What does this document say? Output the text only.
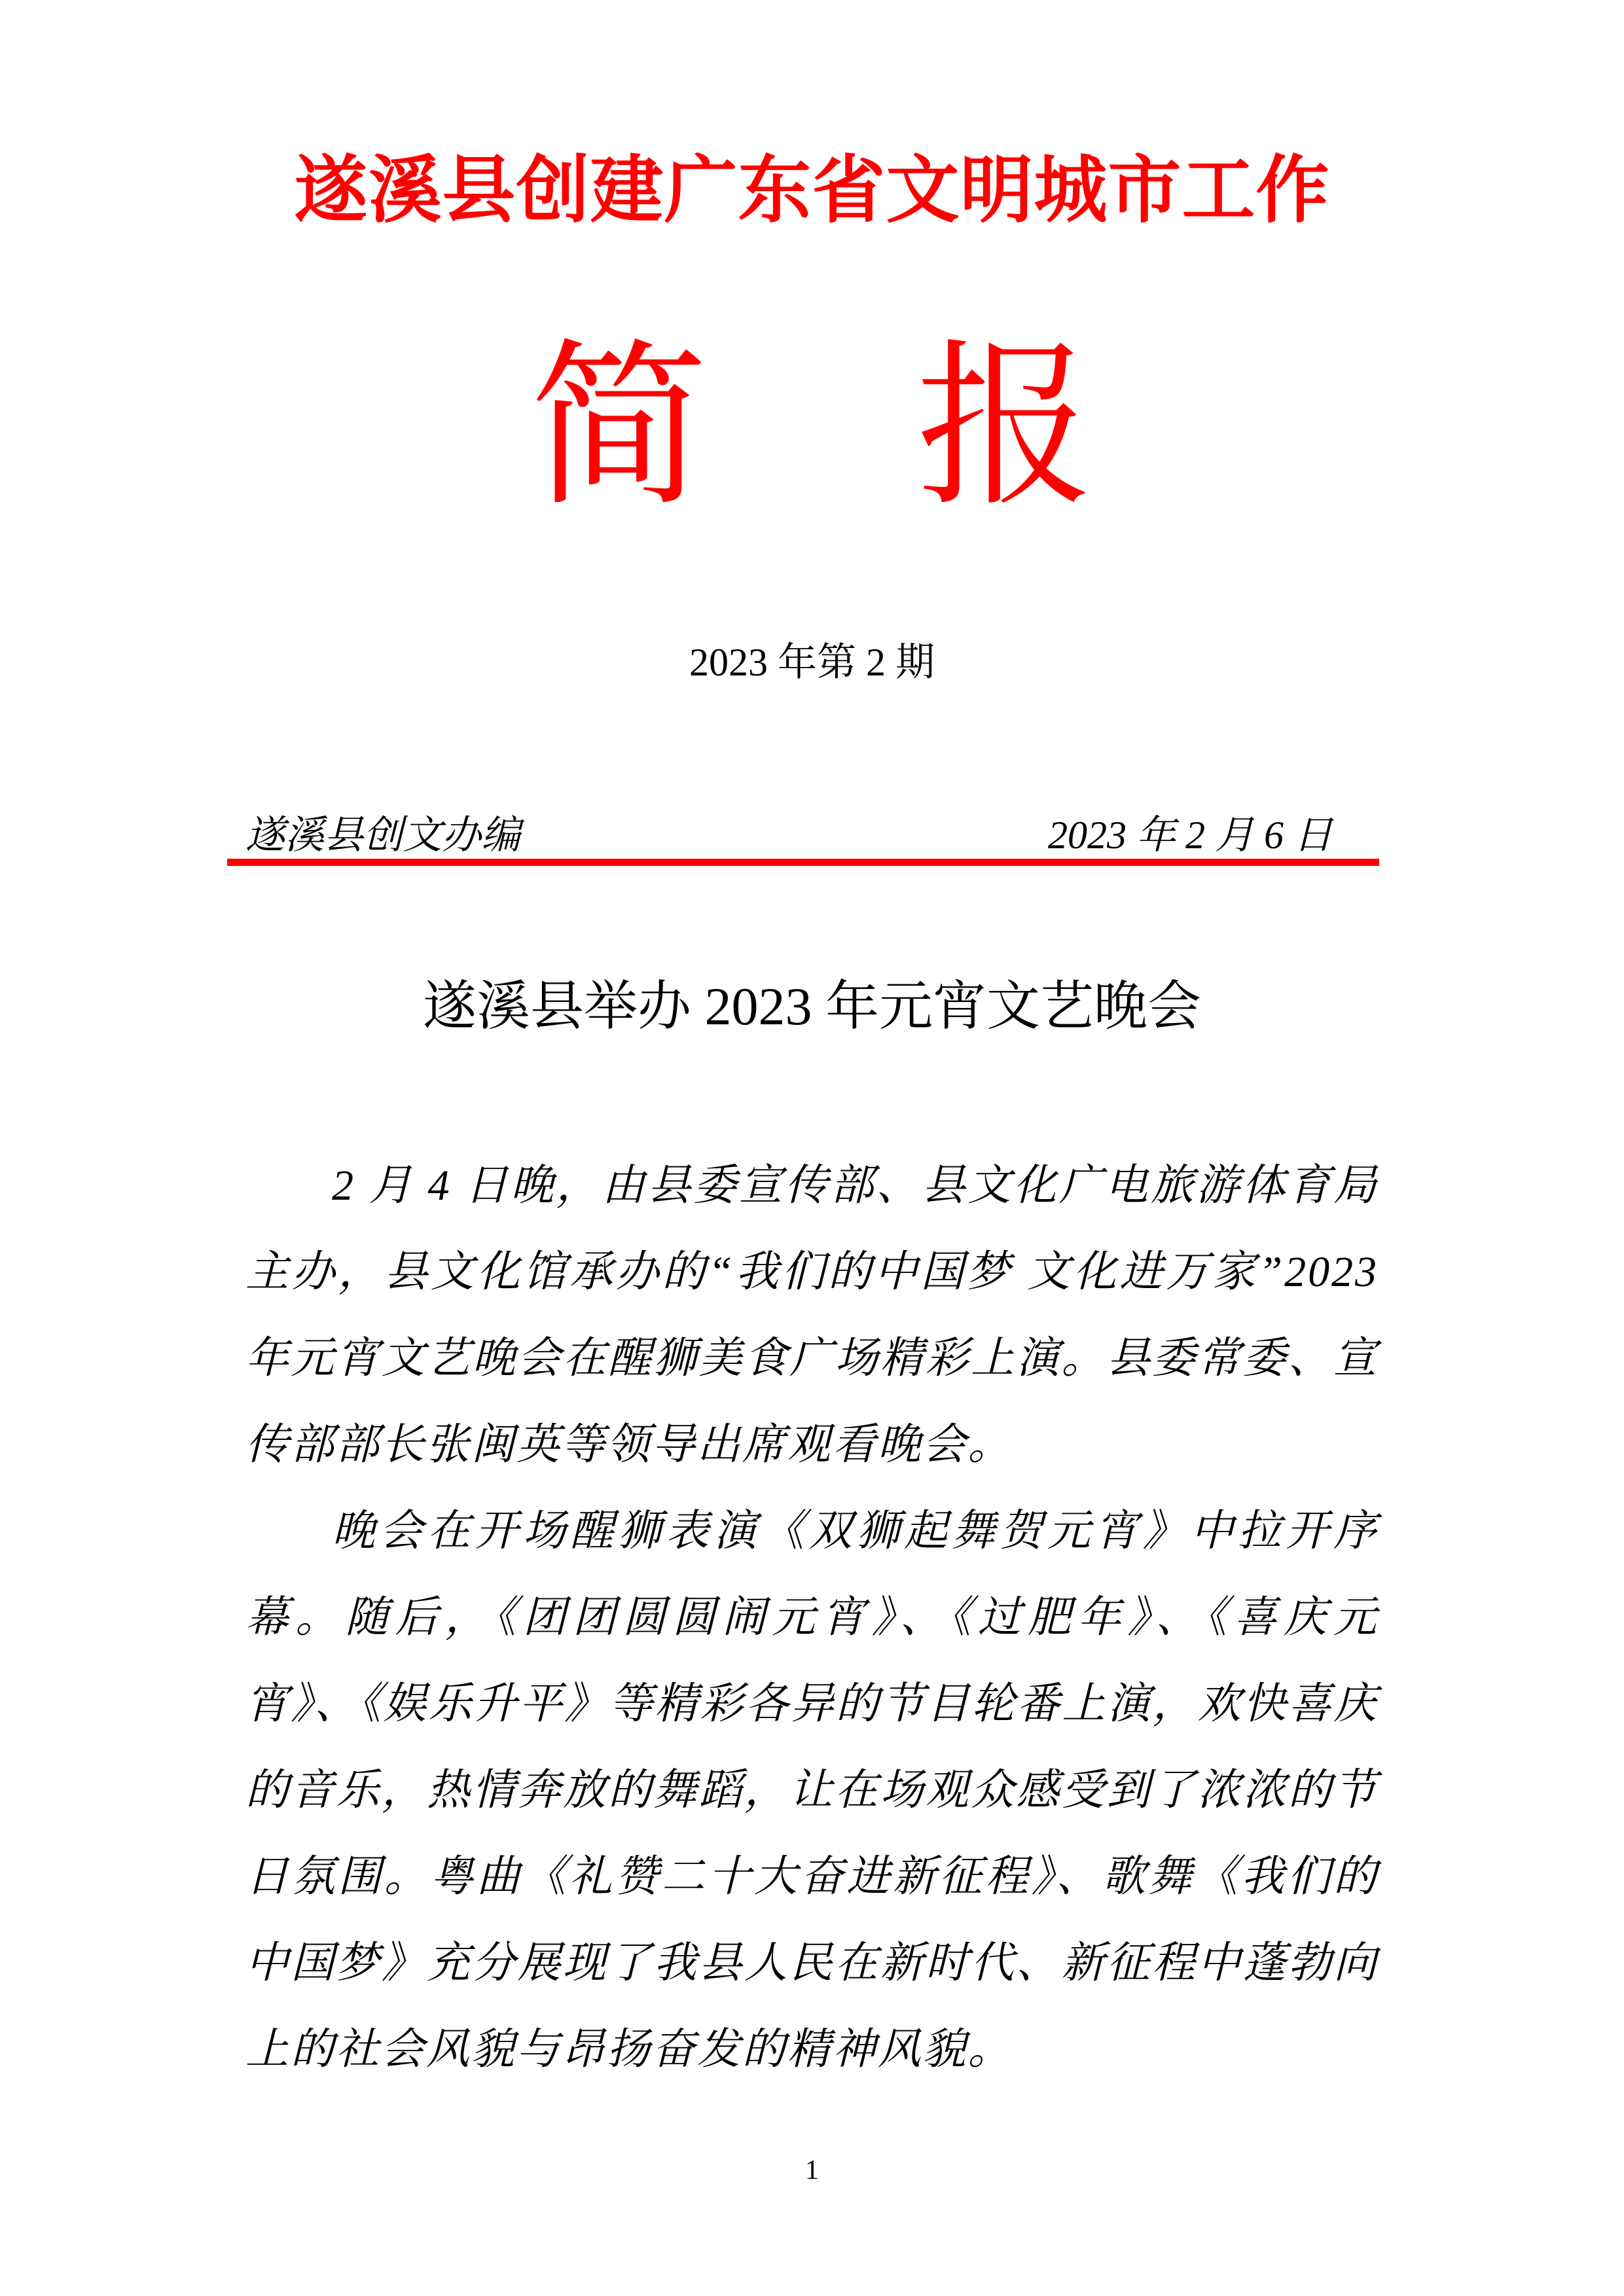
遂溪县创建广东省文明城市工作
简 报
2023 年第 2 期
遂溪县创文办编	2023 年 2 月 6 日
遂溪县举办 2023 年元宵文艺晚会

2 月 4 日晚，由县委宣传部、县文化广电旅游体育局主办，县文化馆承办的“我们的中国梦 文化进万家”2023 年元宵文艺晚会在醒狮美食广场精彩上演。县委常委、宣传部部长张闽英等领导出席观看晚会。

晚会在开场醒狮表演《双狮起舞贺元宵》中拉开序幕。随后，《团团圆圆闹元宵》、《过肥年》、《喜庆元宵》、《娱乐升平》等精彩各异的节目轮番上演，欢快喜庆的音乐，热情奔放的舞蹈，让在场观众感受到了浓浓的节日氛围。粤曲《礼赞二十大奋进新征程》、歌舞《我们的中国梦》充分展现了我县人民在新时代、新征程中蓬勃向上的社会风貌与昂扬奋发的精神风貌。

1
